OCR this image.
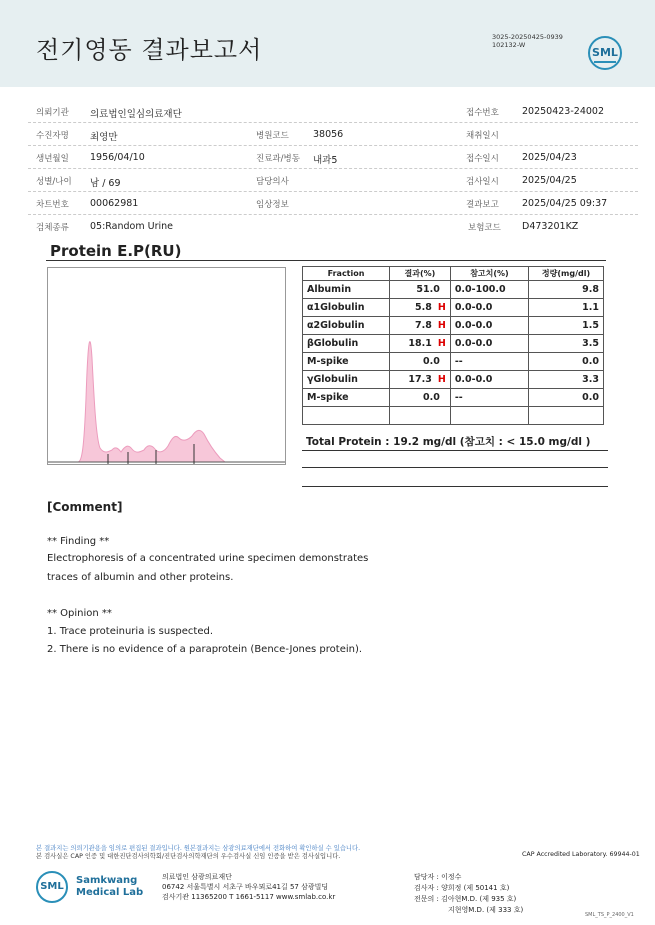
전기영동 결과보고서	3025-20250425-0939
102132-W
SML
의뢰기관 의료법인일심의료재단	접수번호 20250423-24002
수진자명 최영만	병원코드	38056	채취일시
생년월일 1956/04/10	진료과/병동 내과5	접수일시 2025/04/23
성별/나이 남 / 69	담당의사	검사일시 2025/04/25
차트번호 00062981	임상정보	결과보고 2025/04/25 09:37
검체종류 05:Random Urine	보험코드 D473201KZ
Protein E.P(RU)
Fraction	결과(%)	참고치(%)	정량(mg/dl)
Albumin	51.0	0.0-100.0	9.8
α1Globulin	5.8 H	0.0-0.0	1.1
α2Globulin	7.8 H	0.0-0.0	1.5
βGlobulin	18.1 H	0.0-0.0	3.5
M-spike	0.0	--	0.0
γGlobulin	17.3 H	0.0-0.0	3.3
M-spike	0.0	--	0.0

Total Protein : 19.2 mg/dl (참고치 : < 15.0 mg/dl )
[Comment]
** Finding **
Electrophoresis of a concentrated urine specimen demonstrates
traces of albumin and other proteins.
** Opinion **
1. Trace proteinuria is suspected.
2. There is no evidence of a paraprotein (Bence-Jones protein).
본 결과지는 의뢰기관용을 임의로 편집된 결과입니다. 원본결과지는 삼광의료재단에서 전화하여 확인하실 수 있습니다.
본 검사실은 CAP 인증 및 대한진단검사의학회/진단검사의학재단의 우수검사실 신임 인증을 받은 검사실입니다.	CAP Accredited Laboratory. 69944-01
SML
Samkwang
Medical Lab
의료법인 삼광의료재단
06742 서울특별시 서초구 바우뫼로41길 57 삼광빌딩
검사기관 11365200 T 1661-5117 www.smlab.co.kr
담당자 : 이정수
검사자 : 양희정 (제 50141 호)
전문의 : 김아현M.D. (제 935 호)
지현영M.D. (제 333 호)
SML_TS_P_2400_V1
